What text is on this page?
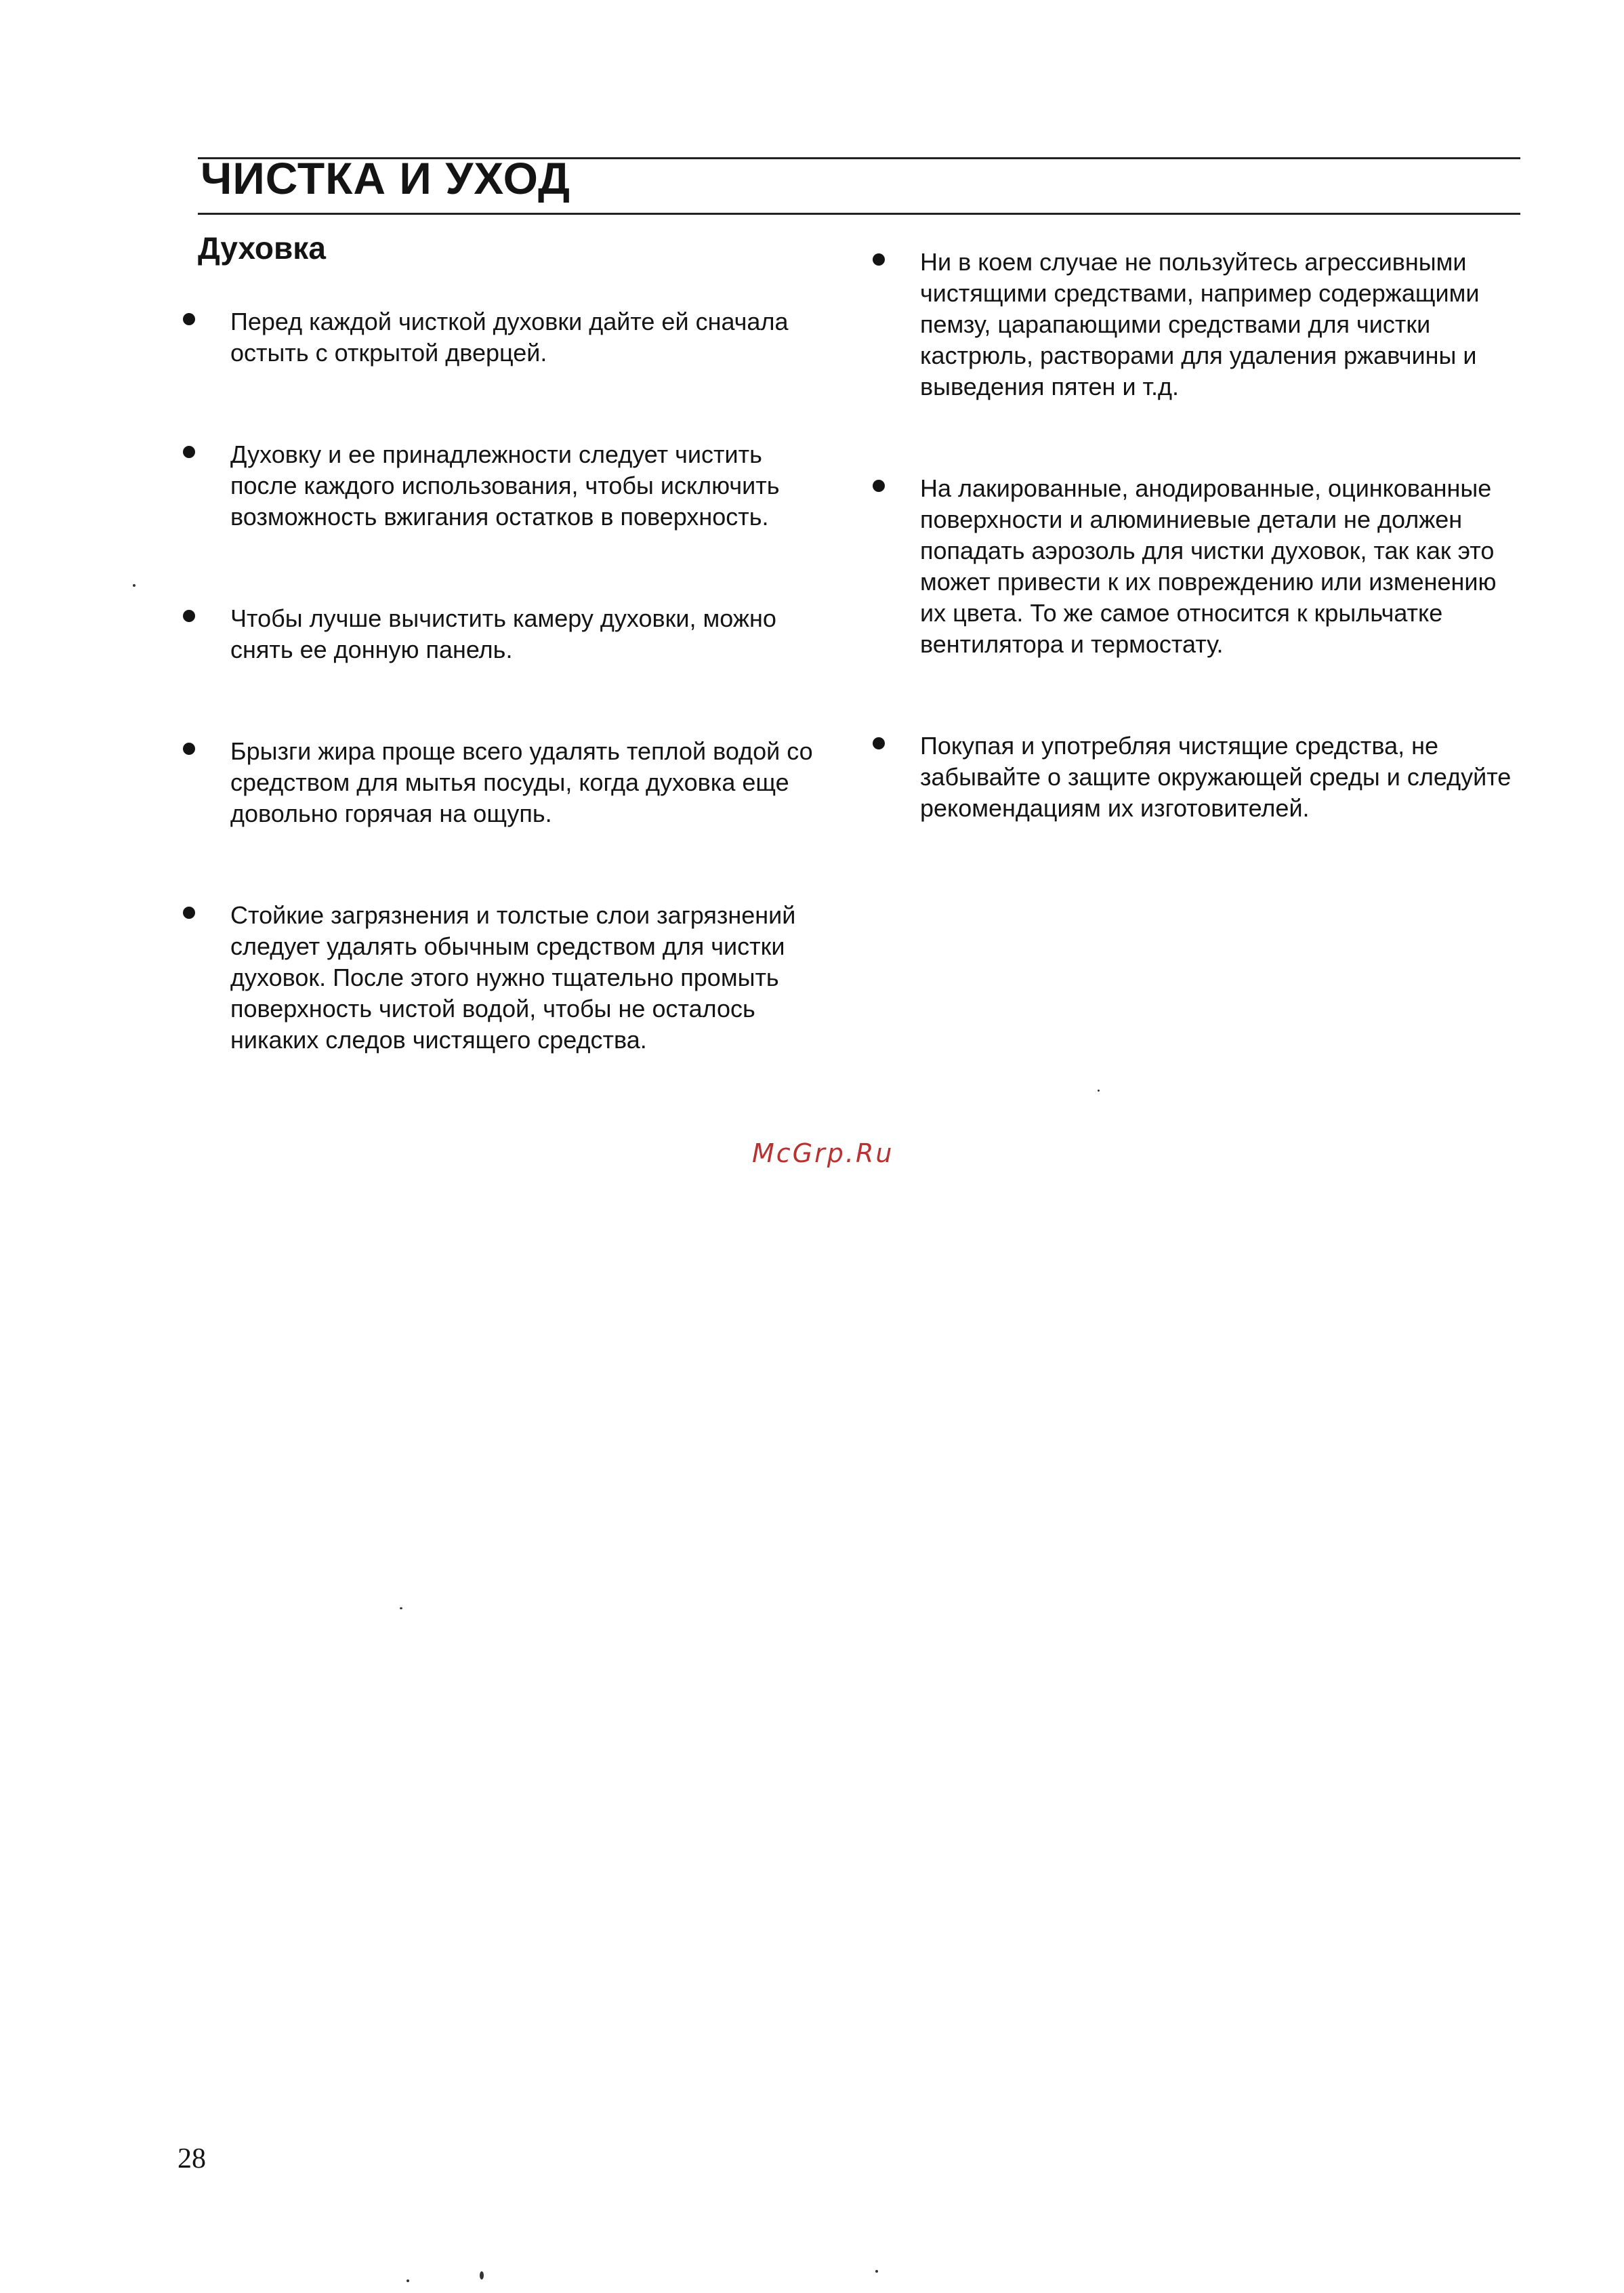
ЧИСТКА И УХОД
Духовка
Перед каждой чисткой духовки дайте ей сначала остыть с открытой дверцей.
Духовку и ее принадлежности следует чистить после каждого использования, чтобы исключить возможность вжигания остатков в поверхность.
Чтобы лучше вычистить камеру духовки, можно снять ее донную панель.
Брызги жира проще всего удалять теплой водой со средством для мытья посуды, когда духовка еще довольно горячая на ощупь.
Стойкие загрязнения и толстые слои загрязнений следует удалять обычным средством для чистки духовок. После этого нужно тщательно промыть поверхность чистой водой, чтобы не осталось никаких следов чистящего средства.
Ни в коем случае не пользуйтесь агрессивными чистящими средствами, например содержащими пемзу, царапающими средствами для чистки кастрюль, растворами для удаления ржавчины и выведения пятен и т.д.
На лакированные, анодированные, оцинкованные поверхности и алюминиевые детали не должен попадать аэрозоль для чистки духовок, так как это может привести к их повреждению или изменению их цвета. То же самое относится к крыльчатке вентилятора и термостату.
Покупая и употребляя чистящие средства, не забывайте о защите окружающей среды и следуйте рекомендациям их изготовителей.
McGrp.Ru
28
